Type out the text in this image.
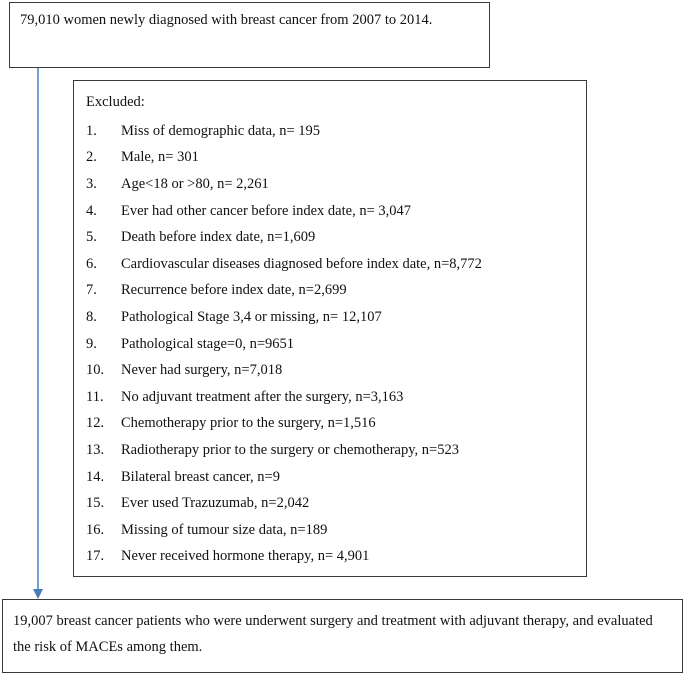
79,010 women newly diagnosed with breast cancer from 2007 to 2014.
Excluded:
1.	Miss of demographic data, n= 195
2.	Male, n= 301
3.	Age<18 or >80, n= 2,261
4.	Ever had other cancer before index date, n= 3,047
5.	Death before index date, n=1,609
6.	Cardiovascular diseases diagnosed before index date, n=8,772
7.	Recurrence before index date, n=2,699
8.	Pathological Stage 3,4 or missing, n= 12,107
9.	Pathological stage=0, n=9651
10.	Never had surgery, n=7,018
11.	No adjuvant treatment after the surgery, n=3,163
12.	Chemotherapy prior to the surgery, n=1,516
13.	Radiotherapy prior to the surgery or chemotherapy, n=523
14.	Bilateral breast cancer, n=9
15.	Ever used Trazuzumab, n=2,042
16.	Missing of tumour size data, n=189
17.	Never received hormone therapy, n= 4,901
19,007 breast cancer patients who were underwent surgery and treatment with adjuvant therapy, and evaluated the risk of MACEs among them.
